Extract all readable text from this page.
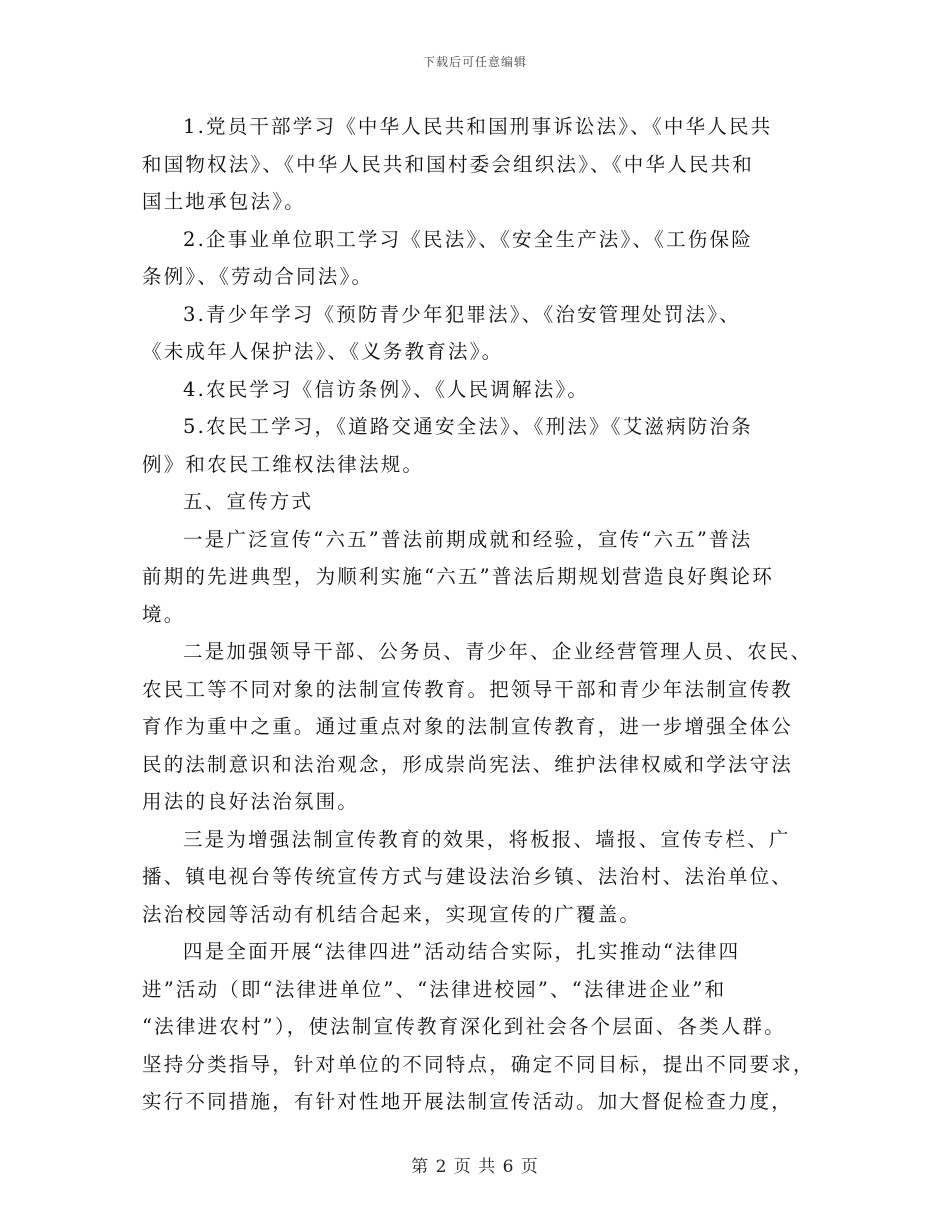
下载后可任意编辑
1.党员干部学习《中华人民共和国刑事诉讼法》、《中华人民共
和国物权法》、《中华人民共和国村委会组织法》、《中华人民共和
国土地承包法》。
2.企事业单位职工学习《民法》、《安全生产法》、《工伤保险
条例》、《劳动合同法》。
3.青少年学习《预防青少年犯罪法》、《治安管理处罚法》、
《未成年人保护法》、《义务教育法》。
4.农民学习《信访条例》、《人民调解法》。
5.农民工学习，《道路交通安全法》、《刑法》《艾滋病防治条
例》和农民工维权法律法规。
五、宣传方式
一是广泛宣传“六五”普法前期成就和经验，宣传“六五”普法
前期的先进典型，为顺利实施“六五”普法后期规划营造良好舆论环
境。
二是加强领导干部、公务员、青少年、企业经营管理人员、农民、
农民工等不同对象的法制宣传教育。把领导干部和青少年法制宣传教
育作为重中之重。通过重点对象的法制宣传教育，进一步增强全体公
民的法制意识和法治观念，形成崇尚宪法、维护法律权威和学法守法
用法的良好法治氛围。
三是为增强法制宣传教育的效果，将板报、墙报、宣传专栏、广
播、镇电视台等传统宣传方式与建设法治乡镇、法治村、法治单位、
法治校园等活动有机结合起来，实现宣传的广覆盖。
四是全面开展“法律四进”活动结合实际，扎实推动“法律四
进”活动（即“法律进单位”、“法律进校园”、“法律进企业”和
“法律进农村”），使法制宣传教育深化到社会各个层面、各类人群。
坚持分类指导，针对单位的不同特点，确定不同目标，提出不同要求，
实行不同措施，有针对性地开展法制宣传活动。加大督促检查力度，
第 2 页 共 6 页
